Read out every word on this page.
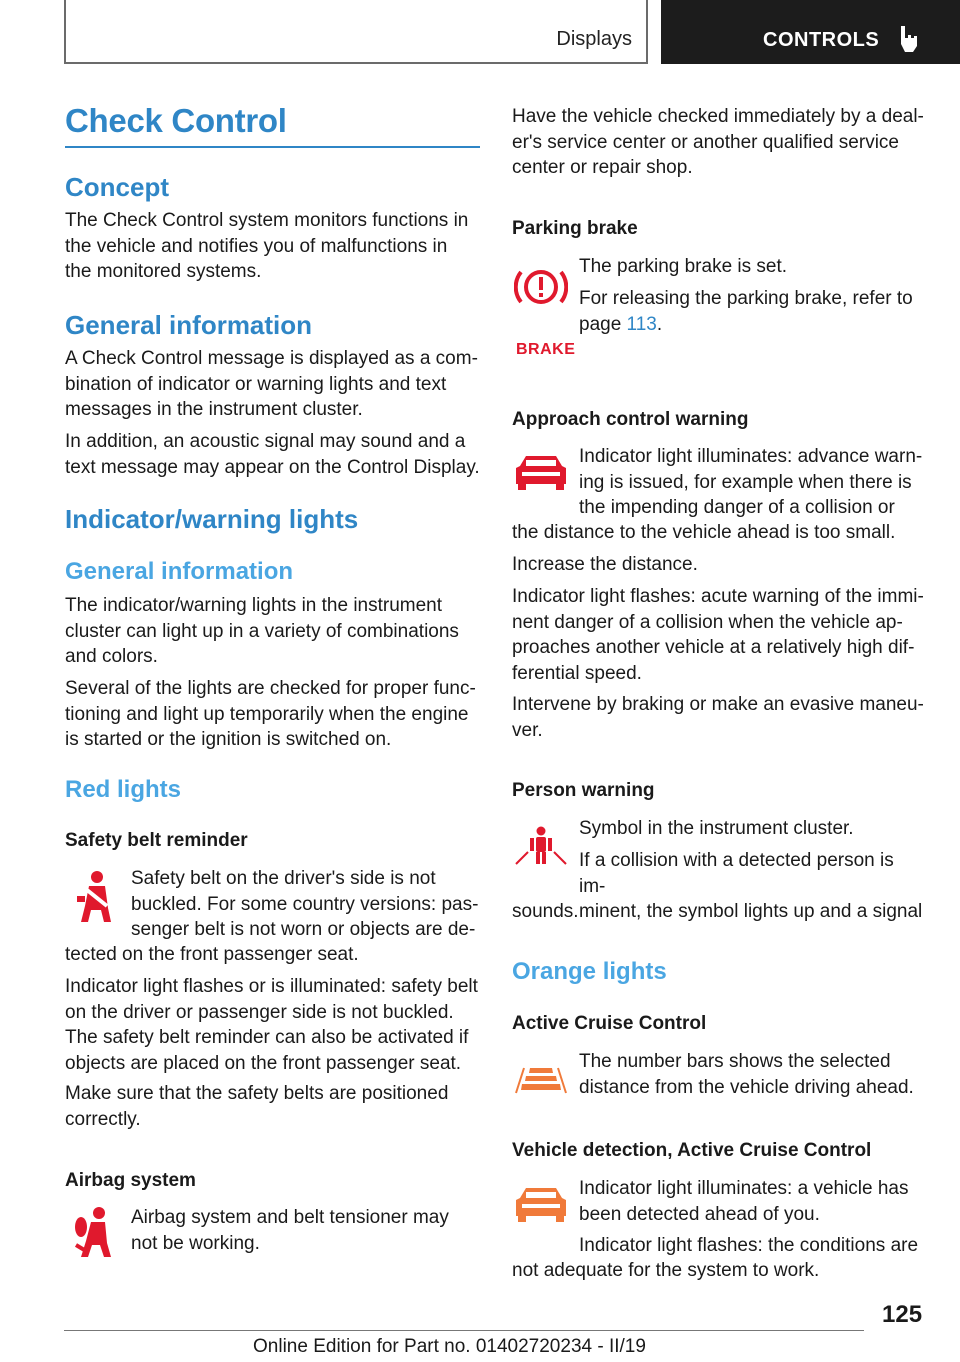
Displays	CONTROLS
Check Control
Concept
The Check Control system monitors functions in
the vehicle and notifies you of malfunctions in
the monitored systems.
General information
A Check Control message is displayed as a com‐
bination of indicator or warning lights and text
messages in the instrument cluster.
In addition, an acoustic signal may sound and a
text message may appear on the Control Display.
Indicator/warning lights
General information
The indicator/warning lights in the instrument
cluster can light up in a variety of combinations
and colors.
Several of the lights are checked for proper func‐
tioning and light up temporarily when the engine
is started or the ignition is switched on.
Red lights
Safety belt reminder
Safety belt on the driver's side is not
buckled. For some country versions: pas‐
senger belt is not worn or objects are de‐
tected on the front passenger seat.
Indicator light flashes or is illuminated: safety belt
on the driver or passenger side is not buckled.
The safety belt reminder can also be activated if
objects are placed on the front passenger seat.
Make sure that the safety belts are positioned
correctly.
Airbag system
Airbag system and belt tensioner may
not be working.
Have the vehicle checked immediately by a deal‐
er's service center or another qualified service
center or repair shop.
Parking brake
BRAKE
The parking brake is set.
For releasing the parking brake, refer to
page 113.
Approach control warning
Indicator light illuminates: advance warn‐
ing is issued, for example when there is
the impending danger of a collision or
the distance to the vehicle ahead is too small.
Increase the distance.
Indicator light flashes: acute warning of the immi‐
nent danger of a collision when the vehicle ap‐
proaches another vehicle at a relatively high dif‐
ferential speed.
Intervene by braking or make an evasive maneu‐
ver.
Person warning
Symbol in the instrument cluster.
If a collision with a detected person is im‐
minent, the symbol lights up and a signal
sounds.
Orange lights
Active Cruise Control
The number bars shows the selected
distance from the vehicle driving ahead.
Vehicle detection, Active Cruise Control
Indicator light illuminates: a vehicle has
been detected ahead of you.
Indicator light flashes: the conditions are
not adequate for the system to work.
125
Online Edition for Part no. 01402720234 - II/19
